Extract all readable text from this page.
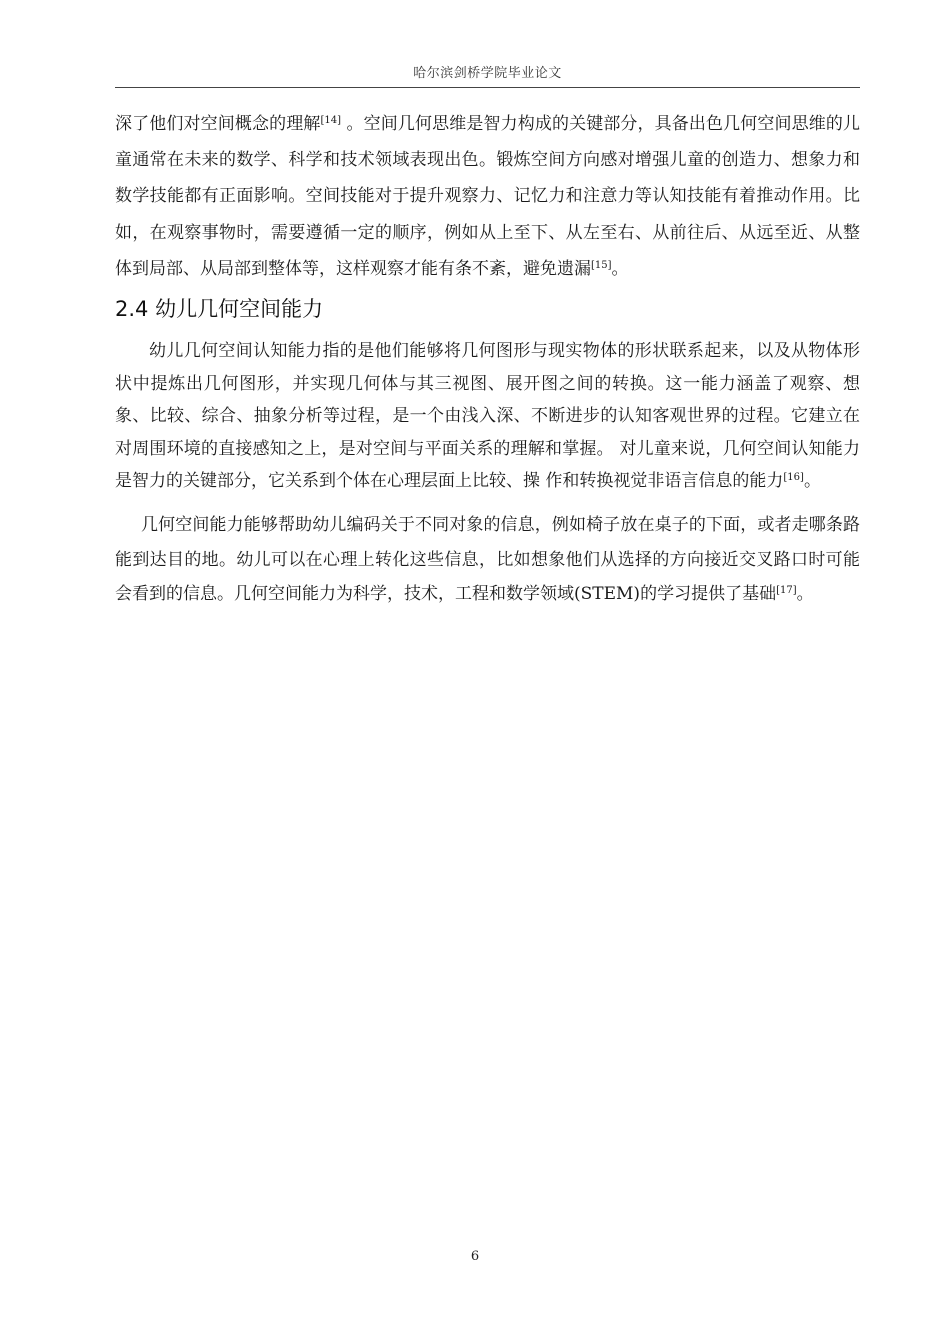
哈尔滨剑桥学院毕业论文

深了他们对空间概念的理解[14] 。空间几何思维是智力构成的关键部分，具备出色几何空间思维的儿童通常在未来的数学、科学和技术领域表现出色。锻炼空间方向感对增强儿童的创造力、想象力和数学技能都有正面影响。空间技能对于提升观察力、记忆力和注意力等认知技能有着推动作用。比如，在观察事物时，需要遵循一定的顺序，例如从上至下、从左至右、从前往后、从远至近、从整体到局部、从局部到整体等，这样观察才能有条不紊，避免遗漏[15]。

2.4 幼儿几何空间能力

幼儿几何空间认知能力指的是他们能够将几何图形与现实物体的形状联系起来，以及从物体形状中提炼出几何图形，并实现几何体与其三视图、展开图之间的转换。这一能力涵盖了观察、想象、比较、综合、抽象分析等过程，是一个由浅入深、不断进步的认知客观世界的过程。它建立在对周围环境的直接感知之上，是对空间与平面关系的理解和掌握。 对儿童来说，几何空间认知能力是智力的关键部分，它关系到个体在心理层面上比较、操 作和转换视觉非语言信息的能力[16]。

几何空间能力能够帮助幼儿编码关于不同对象的信息，例如椅子放在桌子的下面，或者走哪条路能到达目的地。幼儿可以在心理上转化这些信息，比如想象他们从选择的方向接近交叉路口时可能会看到的信息。几何空间能力为科学，技术，工程和数学领域(STEM)的学习提供了基础[17]。

6
